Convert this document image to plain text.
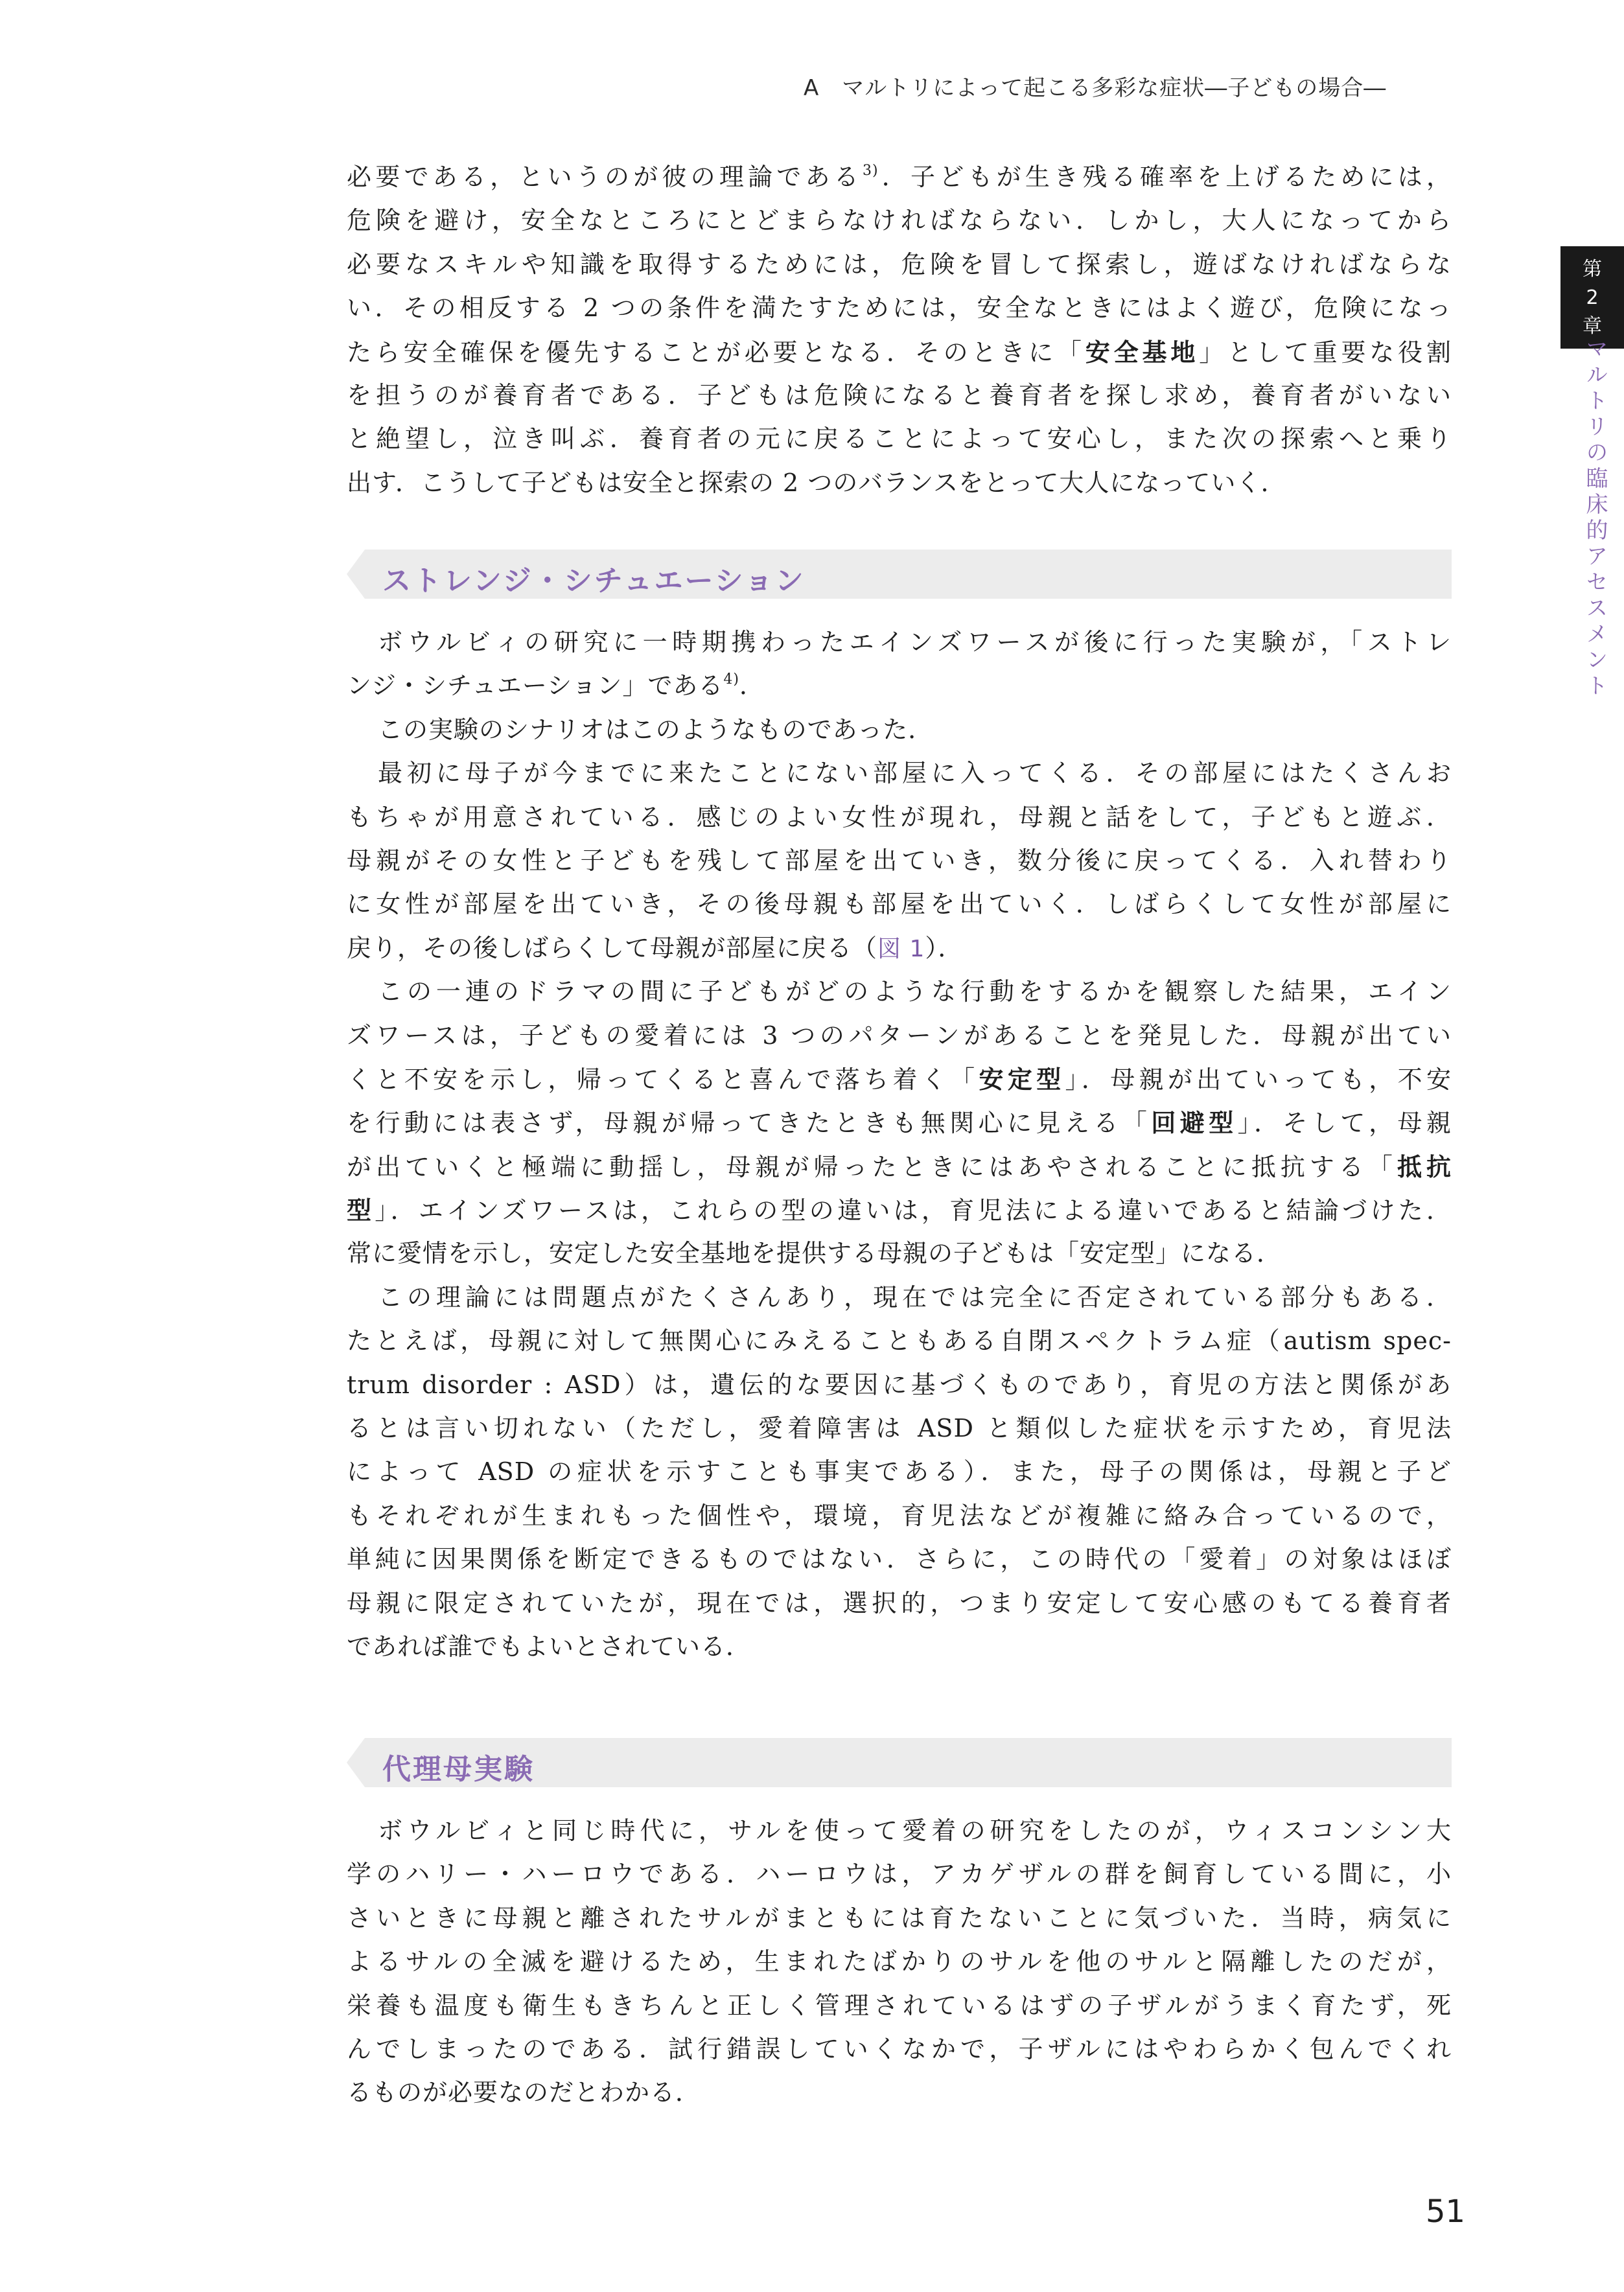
A　マルトリによって起こる多彩な症状―子どもの場合―
第
2
章
マルトリの臨床的アセスメント
必要である，というのが彼の理論である$^{3)}$．子どもが生き残る確率を上げるためには，
危険を避け，安全なところにとどまらなければならない．しかし，大人になってから
必要なスキルや知識を取得するためには，危険を冒して探索し，遊ばなければならな
い．その相反する 2 つの条件を満たすためには，安全なときにはよく遊び，危険になっ
たら安全確保を優先することが必要となる．そのときに「安全基地」として重要な役割
を担うのが養育者である．子どもは危険になると養育者を探し求め，養育者がいない
と絶望し，泣き叫ぶ．養育者の元に戻ることによって安心し，また次の探索へと乗り
出す．こうして子どもは安全と探索の 2 つのバランスをとって大人になっていく．
ストレンジ・シチュエーション
ボウルビィの研究に一時期携わったエインズワースが後に行った実験が，「ストレ
ンジ・シチュエーション」である$^{4)}$．
この実験のシナリオはこのようなものであった．
最初に母子が今までに来たことにない部屋に入ってくる．その部屋にはたくさんお
もちゃが用意されている．感じのよい女性が現れ，母親と話をして，子どもと遊ぶ．
母親がその女性と子どもを残して部屋を出ていき，数分後に戻ってくる．入れ替わり
に女性が部屋を出ていき，その後母親も部屋を出ていく．しばらくして女性が部屋に
戻り，その後しばらくして母親が部屋に戻る（図 1）．
この一連のドラマの間に子どもがどのような行動をするかを観察した結果，エイン
ズワースは，子どもの愛着には 3 つのパターンがあることを発見した．母親が出てい
くと不安を示し，帰ってくると喜んで落ち着く「安定型」．母親が出ていっても，不安
を行動には表さず，母親が帰ってきたときも無関心に見える「回避型」．そして，母親
が出ていくと極端に動揺し，母親が帰ったときにはあやされることに抵抗する「抵抗
型」．エインズワースは，これらの型の違いは，育児法による違いであると結論づけた．
常に愛情を示し，安定した安全基地を提供する母親の子どもは「安定型」になる．
この理論には問題点がたくさんあり，現在では完全に否定されている部分もある．
たとえば，母親に対して無関心にみえることもある自閉スペクトラム症（autism spec-
trum disorder : ASD）は，遺伝的な要因に基づくものであり，育児の方法と関係があ
るとは言い切れない（ただし，愛着障害は ASD と類似した症状を示すため，育児法
によって ASD の症状を示すことも事実である）．また，母子の関係は，母親と子ど
もそれぞれが生まれもった個性や，環境，育児法などが複雑に絡み合っているので，
単純に因果関係を断定できるものではない．さらに，この時代の「愛着」の対象はほぼ
母親に限定されていたが，現在では，選択的，つまり安定して安心感のもてる養育者
であれば誰でもよいとされている．
代理母実験
ボウルビィと同じ時代に，サルを使って愛着の研究をしたのが，ウィスコンシン大
学のハリー・ハーロウである．ハーロウは，アカゲザルの群を飼育している間に，小
さいときに母親と離されたサルがまともには育たないことに気づいた．当時，病気に
よるサルの全滅を避けるため，生まれたばかりのサルを他のサルと隔離したのだが，
栄養も温度も衛生もきちんと正しく管理されているはずの子ザルがうまく育たず，死
んでしまったのである．試行錯誤していくなかで，子ザルにはやわらかく包んでくれ
るものが必要なのだとわかる．
51
